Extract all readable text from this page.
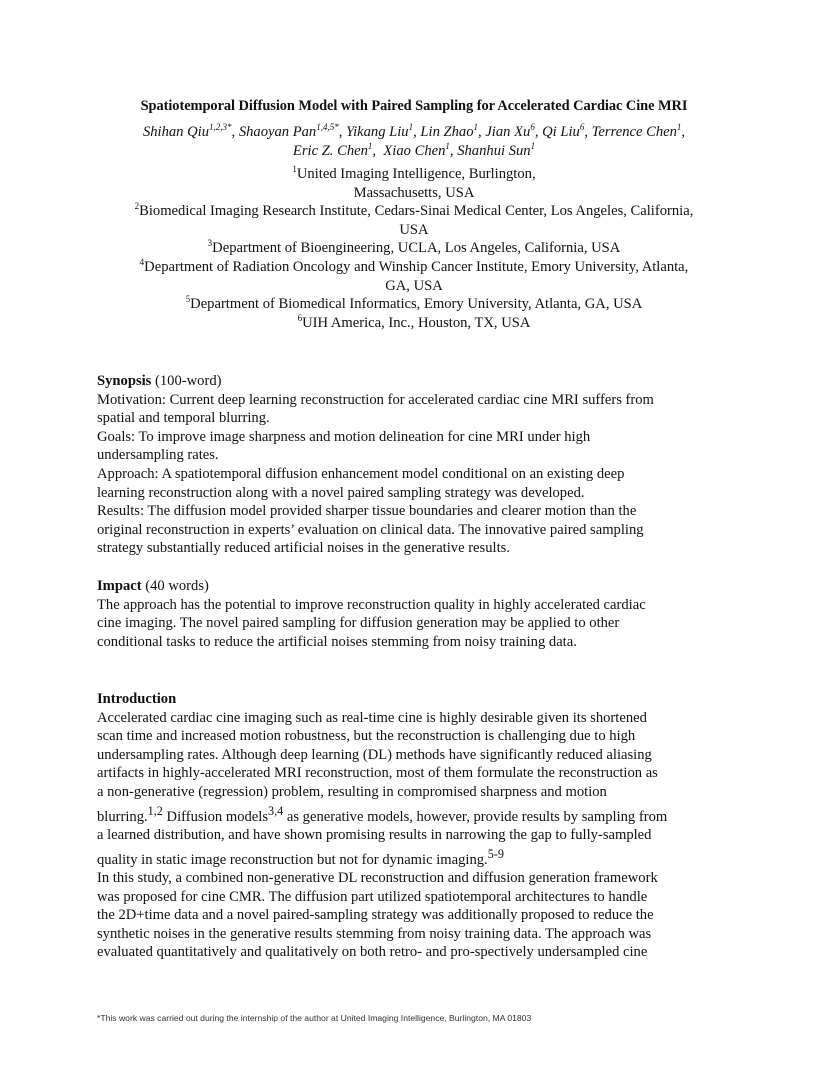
Spatiotemporal Diffusion Model with Paired Sampling for Accelerated Cardiac Cine MRI
Shihan Qiu$^{1,2,3*}$, Shaoyan Pan$^{1,4,5*}$, Yikang Liu$^1$, Lin Zhao$^1$, Jian Xu$^6$, Qi Liu$^6$, Terrence Chen$^1$,
Eric Z. Chen$^1$,  Xiao Chen$^1$, Shanhui Sun$^1$
$^1$United Imaging Intelligence, Burlington,
Massachusetts, USA
$^2$Biomedical Imaging Research Institute, Cedars-Sinai Medical Center, Los Angeles, California,
USA
$^3$Department of Bioengineering, UCLA, Los Angeles, California, USA
$^4$Department of Radiation Oncology and Winship Cancer Institute, Emory University, Atlanta,
GA, USA
$^5$Department of Biomedical Informatics, Emory University, Atlanta, GA, USA
$^6$UIH America, Inc., Houston, TX, USA

Synopsis (100-word)

Motivation: Current deep learning reconstruction for accelerated cardiac cine MRI suffers from

spatial and temporal blurring.

Goals: To improve image sharpness and motion delineation for cine MRI under high

undersampling rates.

Approach: A spatiotemporal diffusion enhancement model conditional on an existing deep

learning reconstruction along with a novel paired sampling strategy was developed.

Results: The diffusion model provided sharper tissue boundaries and clearer motion than the

original reconstruction in experts’ evaluation on clinical data. The innovative paired sampling

strategy substantially reduced artificial noises in the generative results.

Impact (40 words)

The approach has the potential to improve reconstruction quality in highly accelerated cardiac

cine imaging. The novel paired sampling for diffusion generation may be applied to other

conditional tasks to reduce the artificial noises stemming from noisy training data.

Introduction

Accelerated cardiac cine imaging such as real-time cine is highly desirable given its shortened

scan time and increased motion robustness, but the reconstruction is challenging due to high

undersampling rates. Although deep learning (DL) methods have significantly reduced aliasing

artifacts in highly-accelerated MRI reconstruction, most of them formulate the reconstruction as

a non-generative (regression) problem, resulting in compromised sharpness and motion

blurring.$^{1,2}$ Diffusion models$^{3,4}$ as generative models, however, provide results by sampling from

a learned distribution, and have shown promising results in narrowing the gap to fully-sampled

quality in static image reconstruction but not for dynamic imaging.$^{5-9}$

In this study, a combined non-generative DL reconstruction and diffusion generation framework

was proposed for cine CMR. The diffusion part utilized spatiotemporal architectures to handle

the 2D+time data and a novel paired-sampling strategy was additionally proposed to reduce the

synthetic noises in the generative results stemming from noisy training data. The approach was

evaluated quantitatively and qualitatively on both retro- and pro-spectively undersampled cine

*This work was carried out during the internship of the author at United Imaging Intelligence, Burlington, MA 01803
